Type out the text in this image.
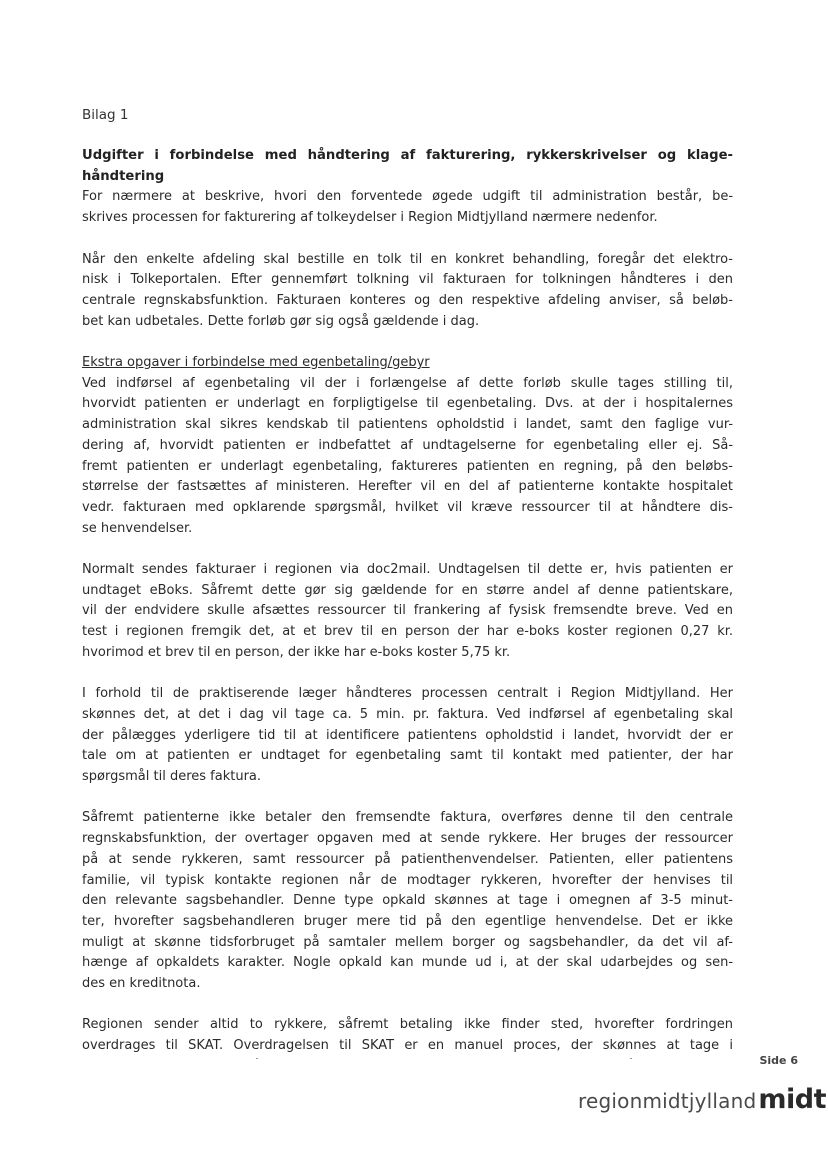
Bilag 1
Udgifter i forbindelse med håndtering af fakturering, rykkerskrivelser og klage-
håndtering
For nærmere at beskrive, hvori den forventede øgede udgift til administration består, be-
skrives processen for fakturering af tolkeydelser i Region Midtjylland nærmere nedenfor.
Når den enkelte afdeling skal bestille en tolk til en konkret behandling, foregår det elektro-
nisk i Tolkeportalen. Efter gennemført tolkning vil fakturaen for tolkningen håndteres i den
centrale regnskabsfunktion. Fakturaen konteres og den respektive afdeling anviser, så beløb-
bet kan udbetales. Dette forløb gør sig også gældende i dag.
Ekstra opgaver i forbindelse med egenbetaling/gebyr
Ved indførsel af egenbetaling vil der i forlængelse af dette forløb skulle tages stilling til,
hvorvidt patienten er underlagt en forpligtigelse til egenbetaling. Dvs. at der i hospitalernes
administration skal sikres kendskab til patientens opholdstid i landet, samt den faglige vur-
dering af, hvorvidt patienten er indbefattet af undtagelserne for egenbetaling eller ej. Så-
fremt patienten er underlagt egenbetaling, faktureres patienten en regning, på den beløbs-
størrelse der fastsættes af ministeren. Herefter vil en del af patienterne kontakte hospitalet
vedr. fakturaen med opklarende spørgsmål, hvilket vil kræve ressourcer til at håndtere dis-
se henvendelser.
Normalt sendes fakturaer i regionen via doc2mail. Undtagelsen til dette er, hvis patienten er
undtaget eBoks. Såfremt dette gør sig gældende for en større andel af denne patientskare,
vil der endvidere skulle afsættes ressourcer til frankering af fysisk fremsendte breve. Ved en
test i regionen fremgik det, at et brev til en person der har e-boks koster regionen 0,27 kr.
hvorimod et brev til en person, der ikke har e-boks koster 5,75 kr.
I forhold til de praktiserende læger håndteres processen centralt i Region Midtjylland. Her
skønnes det, at det i dag vil tage ca. 5 min. pr. faktura. Ved indførsel af egenbetaling skal
der pålægges yderligere tid til at identificere patientens opholdstid i landet, hvorvidt der er
tale om at patienten er undtaget for egenbetaling samt til kontakt med patienter, der har
spørgsmål til deres faktura.
Såfremt patienterne ikke betaler den fremsendte faktura, overføres denne til den centrale
regnskabsfunktion, der overtager opgaven med at sende rykkere. Her bruges der ressourcer
på at sende rykkeren, samt ressourcer på patienthenvendelser. Patienten, eller patientens
familie, vil typisk kontakte regionen når de modtager rykkeren, hvorefter der henvises til
den relevante sagsbehandler. Denne type opkald skønnes at tage i omegnen af 3-5 minut-
ter, hvorefter sagsbehandleren bruger mere tid på den egentlige henvendelse. Det er ikke
muligt at skønne tidsforbruget på samtaler mellem borger og sagsbehandler, da det vil af-
hænge af opkaldets karakter. Nogle opkald kan munde ud i, at der skal udarbejdes og sen-
des en kreditnota.
Regionen sender altid to rykkere, såfremt betaling ikke finder sted, hvorefter fordringen
overdrages til SKAT. Overdragelsen til SKAT er en manuel proces, der skønnes at tage i
Side 6
regionmidtjylland midt
